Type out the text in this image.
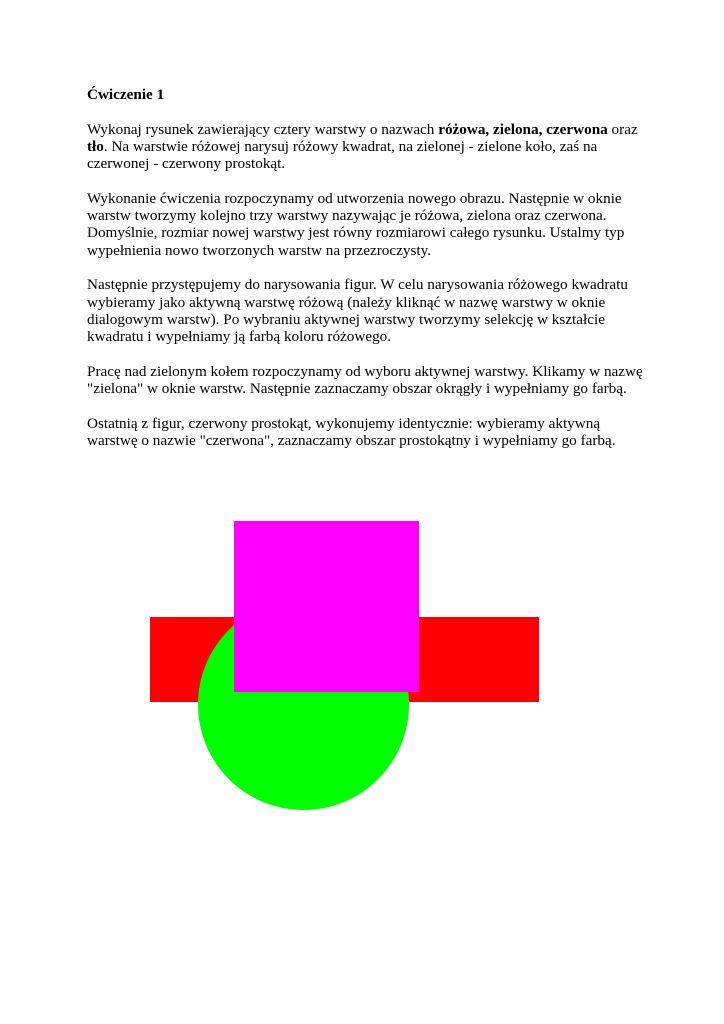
Ćwiczenie 1

Wykonaj rysunek zawierający cztery warstwy o nazwach różowa, zielona, czerwona oraz tło. Na warstwie różowej narysuj różowy kwadrat, na zielonej - zielone koło, zaś na czerwonej - czerwony prostokąt.

Wykonanie ćwiczenia rozpoczynamy od utworzenia nowego obrazu. Następnie w oknie warstw tworzymy kolejno trzy warstwy nazywając je różowa, zielona oraz czerwona. Domyślnie, rozmiar nowej warstwy jest równy rozmiarowi całego rysunku. Ustalmy typ wypełnienia nowo tworzonych warstw na przezroczysty.

Następnie przystępujemy do narysowania figur. W celu narysowania różowego kwadratu wybieramy jako aktywną warstwę różową (należy kliknąć w nazwę warstwy w oknie dialogowym warstw). Po wybraniu aktywnej warstwy tworzymy selekcję w kształcie kwadratu i wypełniamy ją farbą koloru różowego.

Pracę nad zielonym kołem rozpoczynamy od wyboru aktywnej warstwy. Klikamy w nazwę "zielona" w oknie warstw. Następnie zaznaczamy obszar okrągły i wypełniamy go farbą.

Ostatnią z figur, czerwony prostokąt, wykonujemy identycznie: wybieramy aktywną warstwę o nazwie "czerwona", zaznaczamy obszar prostokątny i wypełniamy go farbą.
